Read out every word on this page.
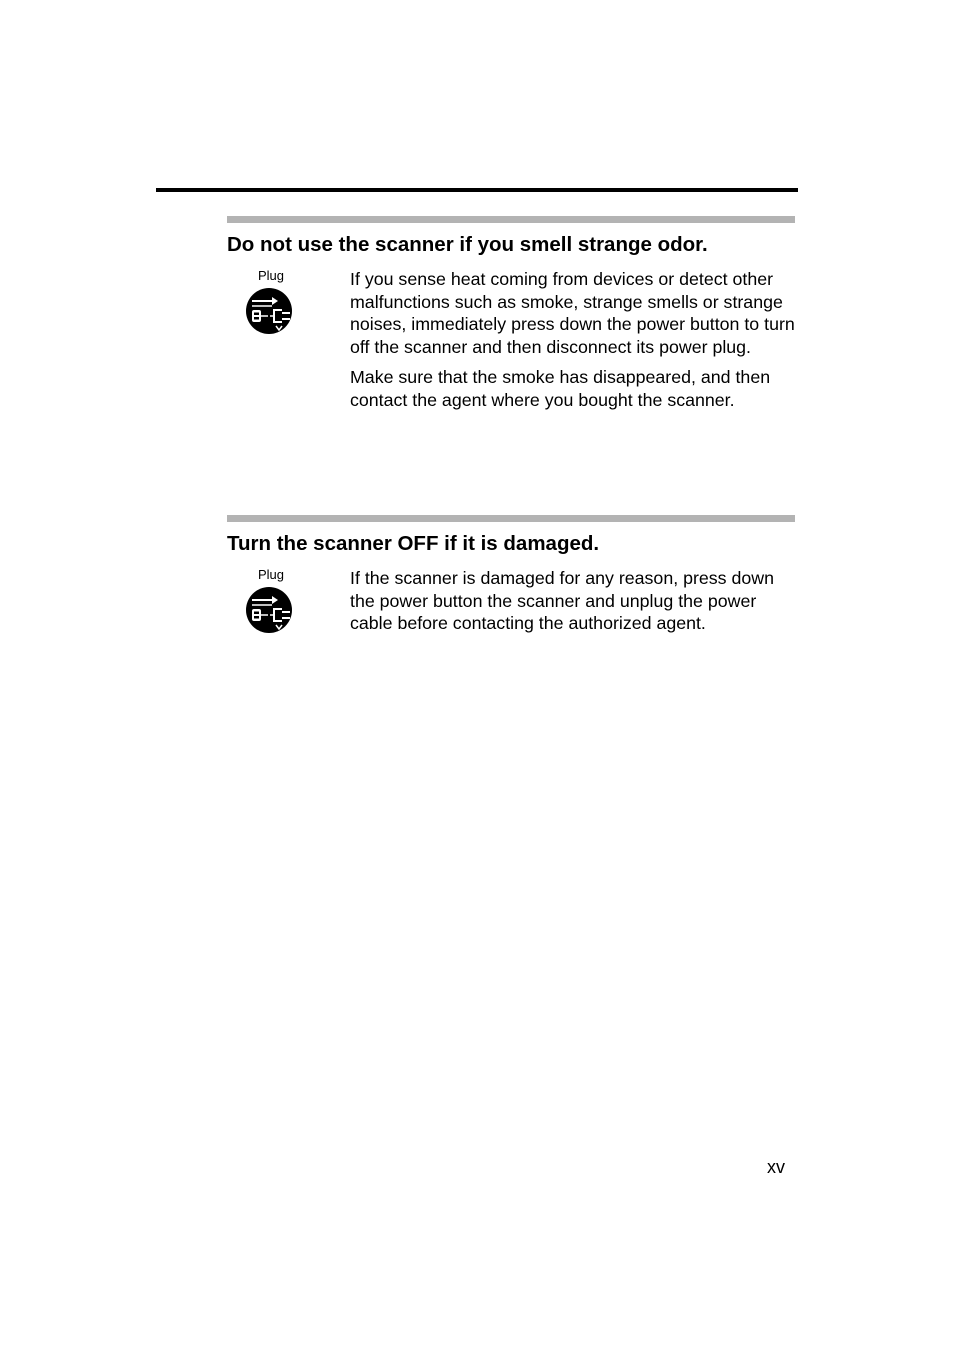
Do not use the scanner if you smell strange odor.
Plug	If you sense heat coming from devices or detect other malfunctions such as smoke, strange smells or strange noises, immediately press down the power button to turn off the scanner and then disconnect its power plug.

Make sure that the smoke has disappeared, and then contact the agent where you bought the scanner.

Turn the scanner OFF if it is damaged.
Plug	If the scanner is damaged for any reason, press down the power button the scanner and unplug the power cable before contacting the authorized agent.

xv
